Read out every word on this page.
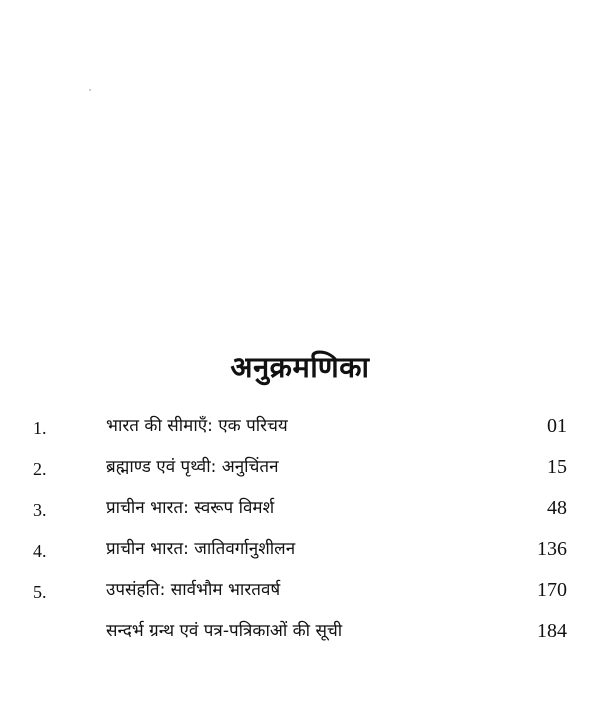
अनुक्रमणिका
1.	भारत की सीमाएँ: एक परिचय	01
2.	ब्रह्माण्ड एवं पृथ्वी: अनुचिंतन	15
3.	प्राचीन भारत: स्वरूप विमर्श	48
4.	प्राचीन भारत: जातिवर्गानुशीलन	136
5.	उपसंहति: सार्वभौम भारतवर्ष	170
सन्दर्भ ग्रन्थ एवं पत्र-पत्रिकाओं की सूची	184
